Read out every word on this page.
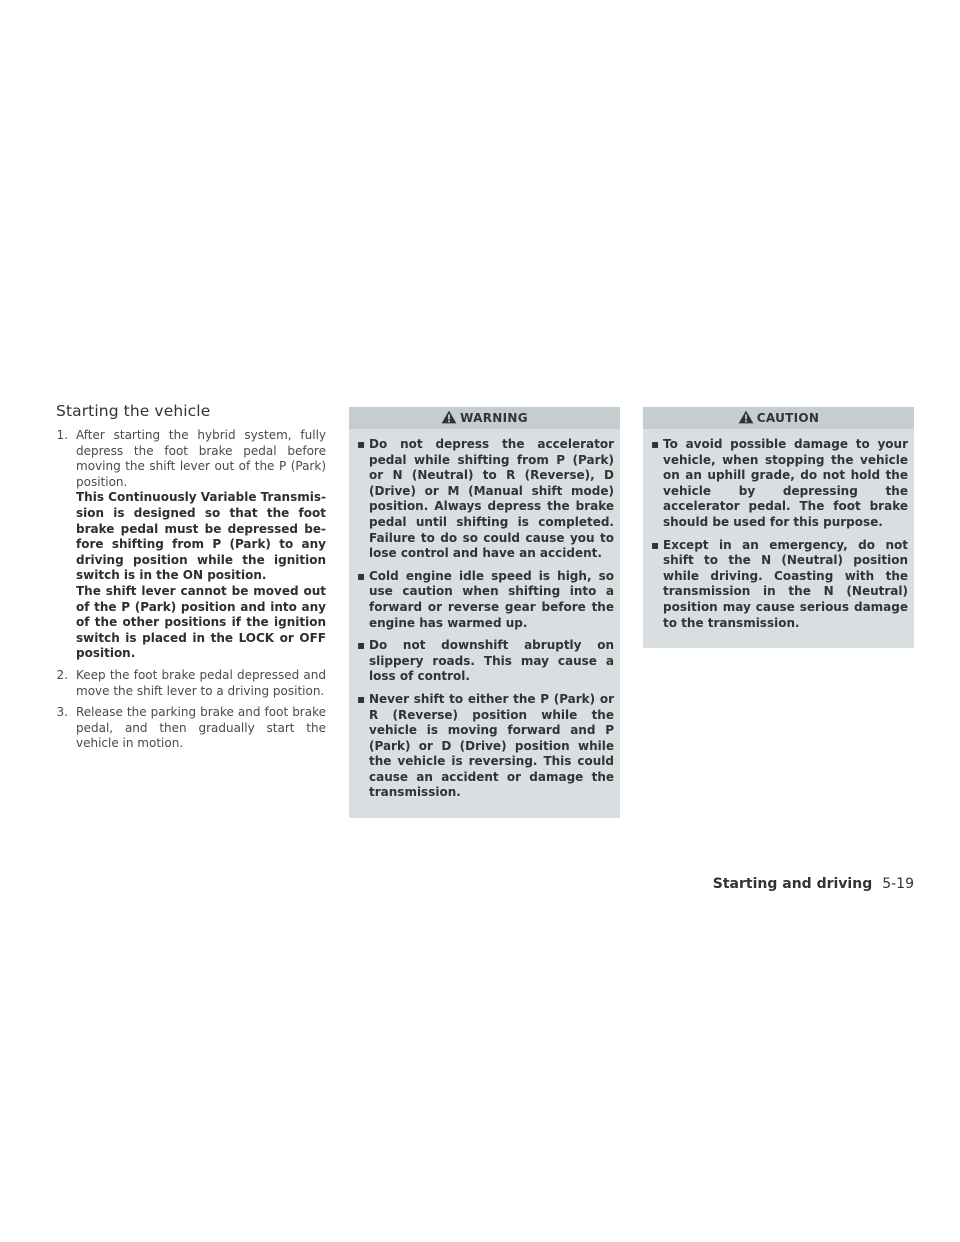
Starting the vehicle
1. After starting the hybrid system, fully depress the foot brake pedal before moving the shift lever out of the P (Park) position.
This Continuously Variable Transmission is designed so that the foot brake pedal must be depressed before shifting from P (Park) to any driving position while the ignition switch is in the ON position.
The shift lever cannot be moved out of the P (Park) position and into any of the other positions if the ignition switch is placed in the LOCK or OFF position.
2. Keep the foot brake pedal depressed and move the shift lever to a driving position.
3. Release the parking brake and foot brake pedal, and then gradually start the vehicle in motion.
WARNING
▪ Do not depress the accelerator pedal while shifting from P (Park) or N (Neutral) to R (Reverse), D (Drive) or M (Manual shift mode) position. Always depress the brake pedal until shifting is completed. Failure to do so could cause you to lose control and have an accident.
▪ Cold engine idle speed is high, so use caution when shifting into a forward or reverse gear before the engine has warmed up.
▪ Do not downshift abruptly on slippery roads. This may cause a loss of control.
▪ Never shift to either the P (Park) or R (Reverse) position while the vehicle is moving forward and P (Park) or D (Drive) position while the vehicle is reversing. This could cause an accident or damage the transmission.
CAUTION
▪ To avoid possible damage to your vehicle, when stopping the vehicle on an uphill grade, do not hold the vehicle by depressing the accelerator pedal. The foot brake should be used for this purpose.
▪ Except in an emergency, do not shift to the N (Neutral) position while driving. Coasting with the transmission in the N (Neutral) position may cause serious damage to the transmission.
Starting and driving 5-19
